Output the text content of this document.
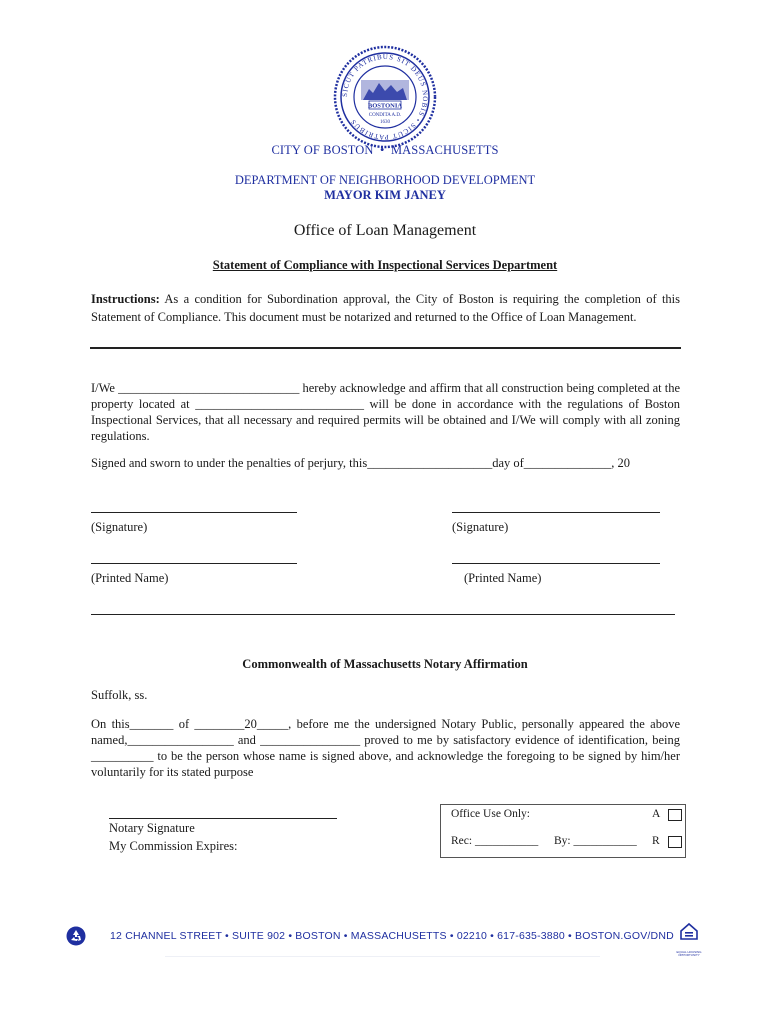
SICUT PATRIBUS SIT DEUS NOBIS • SICUT PATRIBUS
BOSTONIA
CONDITA A.D.
1630
CITY OF BOSTON • MASSACHUSETTS
DEPARTMENT OF NEIGHBORHOOD DEVELOPMENT
MAYOR KIM JANEY
Office of Loan Management
Statement of Compliance with Inspectional Services Department
Instructions: As a condition for Subordination approval, the City of Boston is requiring the completion of this Statement of Compliance. This document must be notarized and returned to the Office of Loan Management.
I/We _____________________________ hereby acknowledge and affirm that all construction being completed at the property located at ___________________________ will be done in accordance with the regulations of Boston Inspectional Services, that all necessary and required permits will be obtained and I/We will comply with all zoning regulations.
Signed and sworn to under the penalties of perjury, this____________________day of______________, 20
(Signature)	(Signature)
(Printed Name)	(Printed Name)
Commonwealth of Massachusetts Notary Affirmation
Suffolk, ss.
On this_______ of ________20_____, before me the undersigned Notary Public, personally appeared the above named,_________________ and ________________ proved to me by satisfactory evidence of identification, being __________ to be the person whose name is signed above, and acknowledge the foregoing to be signed by him/her voluntarily for its stated purpose
Notary Signature
My Commission Expires:
Office Use Only:	A
Rec: ___________ By: ___________ R
12 CHANNEL STREET • SUITE 902 • BOSTON • MASSACHUSETTS • 02210 • 617-635-3880 • BOSTON.GOV/DND
EQUAL HOUSING OPPORTUNITY
